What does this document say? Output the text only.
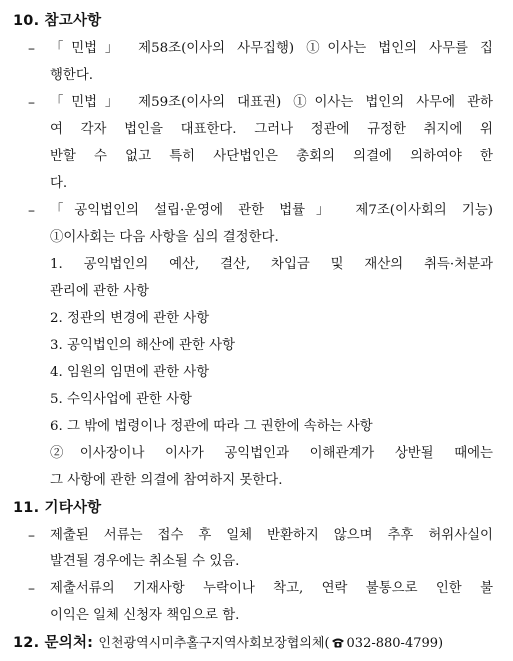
10. 참고사항
– 「민법」 제58조(이사의 사무집행) ①이사는 법인의 사무를 집
행한다.
– 「민법」 제59조(이사의 대표권) ①이사는 법인의 사무에 관하
여 각자 법인을 대표한다. 그러나 정관에 규정한 취지에 위
반할 수 없고 특히 사단법인은 총회의 의결에 의하여야 한
다.
– 「공익법인의 설립·운영에 관한 법률」 제7조(이사회의 기능)
①이사회는 다음 사항을 심의 결정한다.
1. 공익법인의 예산, 결산, 차입금 및 재산의 취득·처분과
관리에 관한 사항
2. 정관의 변경에 관한 사항
3. 공익법인의 해산에 관한 사항
4. 임원의 임면에 관한 사항
5. 수익사업에 관한 사항
6. 그 밖에 법령이나 정관에 따라 그 권한에 속하는 사항
②이사장이나 이사가 공익법인과 이해관계가 상반될 때에는
그 사항에 관한 의결에 참여하지 못한다.
11. 기타사항
– 제출된 서류는 접수 후 일체 반환하지 않으며 추후 허위사실이
발견될 경우에는 취소될 수 있음.
– 제출서류의 기재사항 누락이나 착고, 연락 불통으로 인한 불
이익은 일체 신청자 책임으로 함.
12. 문의처: 인천광역시미추홀구지역사회보장협의체( 032-880-4799)
